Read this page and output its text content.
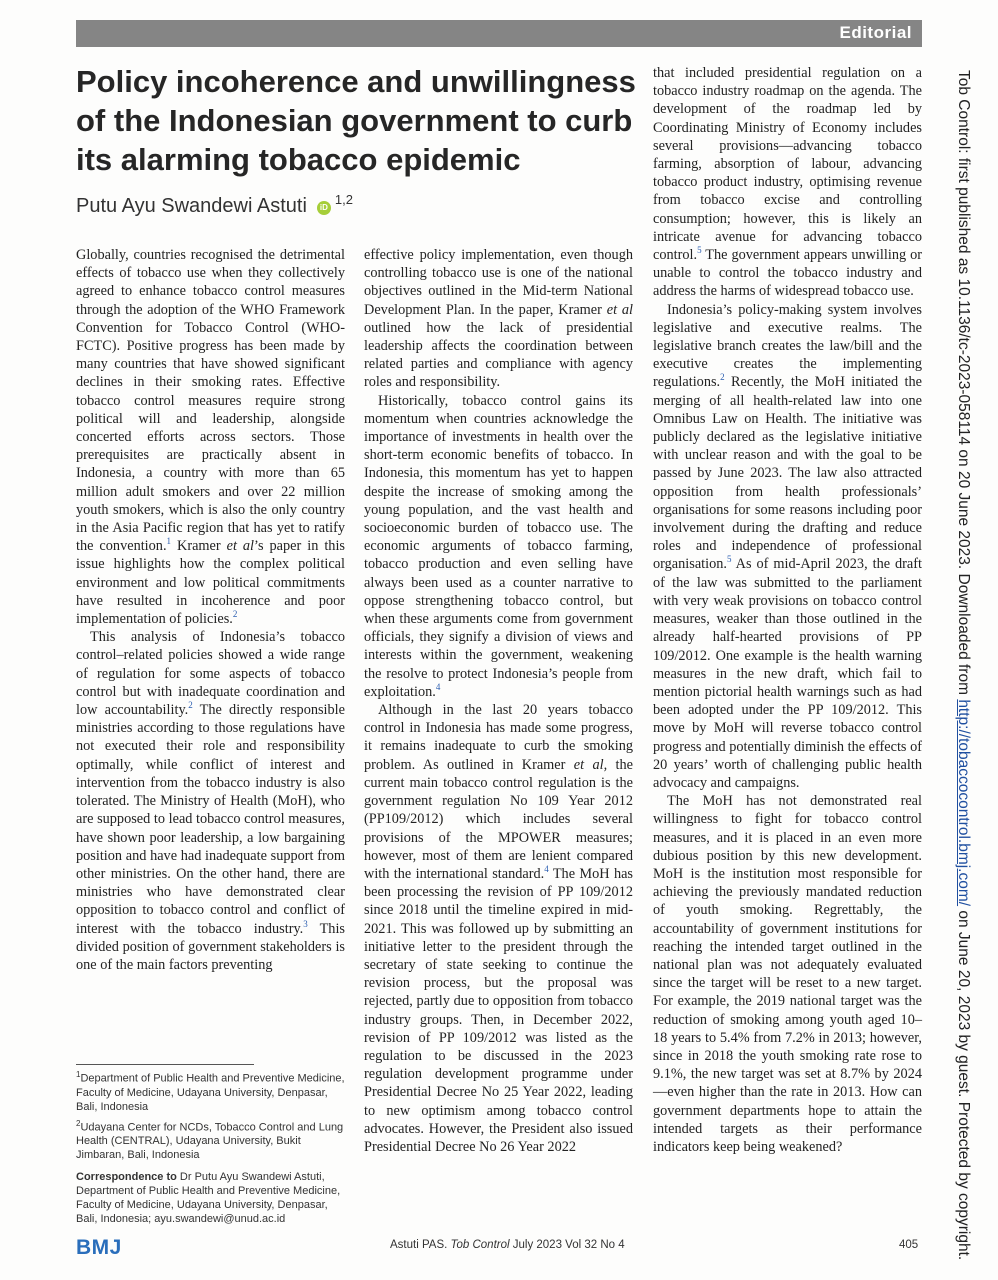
Editorial
Policy incoherence and unwillingness of the Indonesian government to curb its alarming tobacco epidemic
Putu Ayu Swandewi Astuti iD$^{1,2}$

Globally, countries recognised the detrimental effects of tobacco use when they collectively agreed to enhance tobacco control measures through the adoption of the WHO Framework Convention for Tobacco Control (WHO-FCTC). Positive progress has been made by many countries that have showed significant declines in their smoking rates. Effective tobacco control measures require strong political will and leadership, alongside concerted efforts across sectors. Those prerequisites are practically absent in Indonesia, a country with more than 65 million adult smokers and over 22 million youth smokers, which is also the only country in the Asia Pacific region that has yet to ratify the convention.$^1$ Kramer et al’s paper in this issue highlights how the complex political environment and low political commitments have resulted in incoherence and poor implementation of policies.$^2$

This analysis of Indonesia’s tobacco control–related policies showed a wide range of regulation for some aspects of tobacco control but with inadequate coordination and low accountability.$^2$ The directly responsible ministries according to those regulations have not executed their role and responsibility optimally, while conflict of interest and intervention from the tobacco industry is also tolerated. The Ministry of Health (MoH), who are supposed to lead tobacco control measures, have shown poor leadership, a low bargaining position and have had inadequate support from other ministries. On the other hand, there are ministries who have demonstrated clear opposition to tobacco control and conflict of interest with the tobacco industry.$^3$ This divided position of government stakeholders is one of the main factors preventing

effective policy implementation, even though controlling tobacco use is one of the national objectives outlined in the Mid-term National Development Plan. In the paper, Kramer et al outlined how the lack of presidential leadership affects the coordination between related parties and compliance with agency roles and responsibility.

Historically, tobacco control gains its momentum when countries acknowledge the importance of investments in health over the short-term economic benefits of tobacco. In Indonesia, this momentum has yet to happen despite the increase of smoking among the young population, and the vast health and socioeconomic burden of tobacco use. The economic arguments of tobacco farming, tobacco production and even selling have always been used as a counter narrative to oppose strengthening tobacco control, but when these arguments come from government officials, they signify a division of views and interests within the government, weakening the resolve to protect Indonesia’s people from exploitation.$^4$

Although in the last 20 years tobacco control in Indonesia has made some progress, it remains inadequate to curb the smoking problem. As outlined in Kramer et al, the current main tobacco control regulation is the government regulation No 109 Year 2012 (PP109/2012) which includes several provisions of the MPOWER measures; however, most of them are lenient compared with the international standard.$^4$ The MoH has been processing the revision of PP 109/2012 since 2018 until the timeline expired in mid-2021. This was followed up by submitting an initiative letter to the president through the secretary of state seeking to continue the revision process, but the proposal was rejected, partly due to opposition from tobacco industry groups. Then, in December 2022, revision of PP 109/2012 was listed as the regulation to be discussed in the 2023 regulation development programme under Presidential Decree No 25 Year 2022, leading to new optimism among tobacco control advocates. However, the President also issued Presidential Decree No 26 Year 2022

that included presidential regulation on a tobacco industry roadmap on the agenda. The development of the roadmap led by Coordinating Ministry of Economy includes several provisions—advancing tobacco farming, absorption of labour, advancing tobacco product industry, optimising revenue from tobacco excise and controlling consumption; however, this is likely an intricate avenue for advancing tobacco control.$^5$ The government appears unwilling or unable to control the tobacco industry and address the harms of widespread tobacco use.

Indonesia’s policy-making system involves legislative and executive realms. The legislative branch creates the law/bill and the executive creates the implementing regulations.$^2$ Recently, the MoH initiated the merging of all health-related law into one Omnibus Law on Health. The initiative was publicly declared as the legislative initiative with unclear reason and with the goal to be passed by June 2023. The law also attracted opposition from health professionals’ organisations for some reasons including poor involvement during the drafting and reduce roles and independence of professional organisation.$^5$ As of mid-April 2023, the draft of the law was submitted to the parliament with very weak provisions on tobacco control measures, weaker than those outlined in the already half-hearted provisions of PP 109/2012. One example is the health warning measures in the new draft, which fail to mention pictorial health warnings such as had been adopted under the PP 109/2012. This move by MoH will reverse tobacco control progress and potentially diminish the effects of 20 years’ worth of challenging public health advocacy and campaigns.

The MoH has not demonstrated real willingness to fight for tobacco control measures, and it is placed in an even more dubious position by this new development. MoH is the institution most responsible for achieving the previously mandated reduction of youth smoking. Regrettably, the accountability of government institutions for reaching the intended target outlined in the national plan was not adequately evaluated since the target will be reset to a new target. For example, the 2019 national target was the reduction of smoking among youth aged 10–18 years to 5.4% from 7.2% in 2013; however, since in 2018 the youth smoking rate rose to 9.1%, the new target was set at 8.7% by 2024—even higher than the rate in 2013. How can government departments hope to attain the intended targets as their performance indicators keep being weakened?

$^1$Department of Public Health and Preventive Medicine, Faculty of Medicine, Udayana University, Denpasar, Bali, Indonesia

$^2$Udayana Center for NCDs, Tobacco Control and Lung Health (CENTRAL), Udayana University, Bukit Jimbaran, Bali, Indonesia

Correspondence to Dr Putu Ayu Swandewi Astuti, Department of Public Health and Preventive Medicine, Faculty of Medicine, Udayana University, Denpasar, Bali, Indonesia; ayu.swandewi@unud.ac.id

BMJ	Astuti PAS. Tob Control July 2023 Vol 32 No 4	405
Tob Control: first published as 10.1136/tc-2023-058114 on 20 June 2023. Downloaded from http://tobaccocontrol.bmj.com/ on June 20, 2023 by guest. Protected by copyright.
